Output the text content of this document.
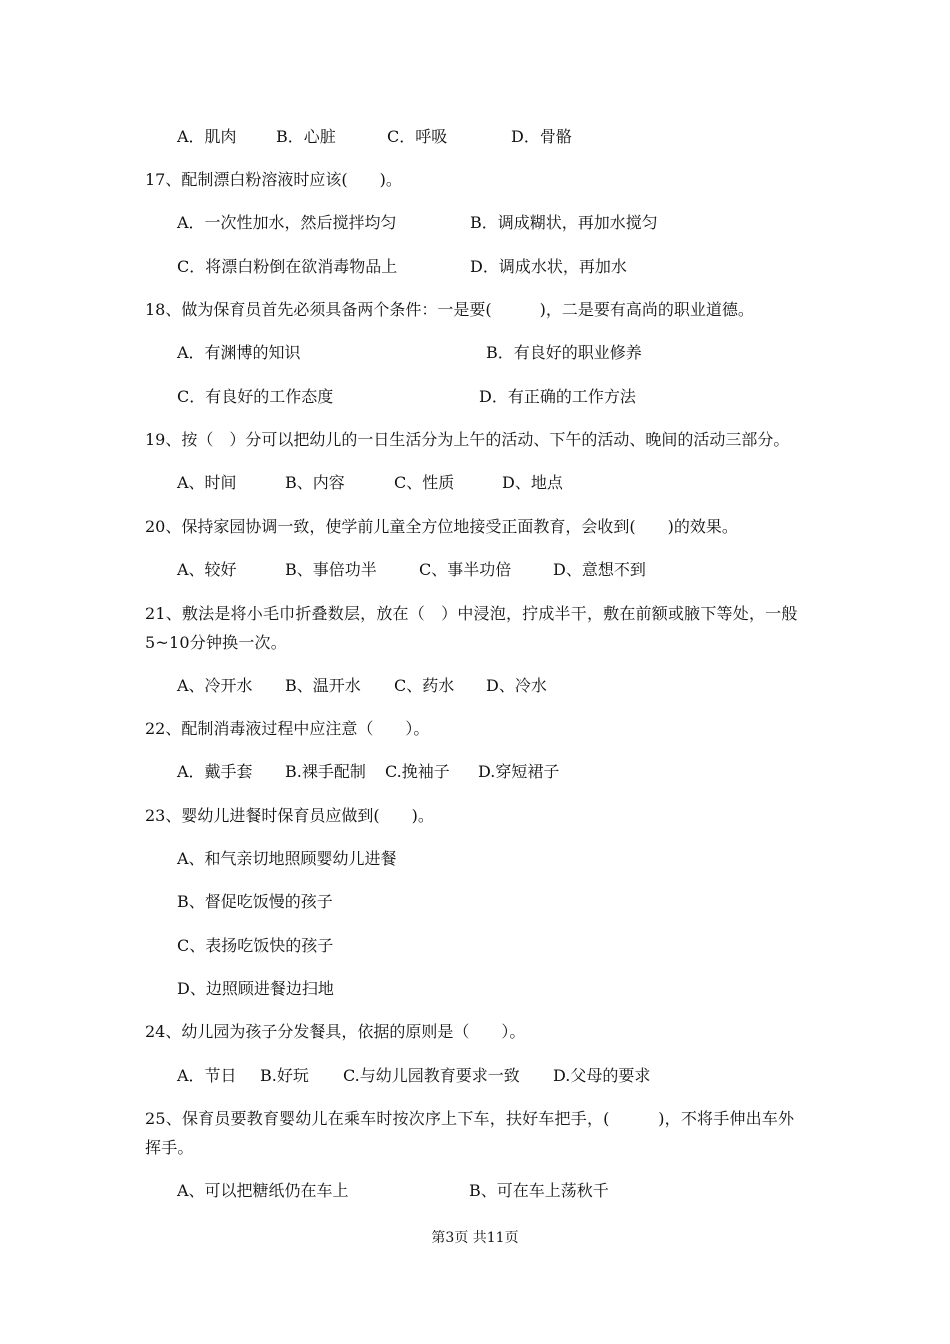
A．肌肉 B．心脏	C．呼吸	D．骨骼
17、配制漂白粉溶液时应该(　　)。
A．一次性加水，然后搅拌均匀	B．调成糊状，再加水搅匀
C．将漂白粉倒在欲消毒物品上	D．调成水状，再加水
18、做为保育员首先必须具备两个条件：一是要(　　　)，二是要有高尚的职业道德。
A．有渊博的知识	B．有良好的职业修养
C．有良好的工作态度	D．有正确的工作方法
19、按（　）分可以把幼儿的一日生活分为上午的活动、下午的活动、晚间的活动三部分。
A、时间	B、内容	C、性质	D、地点
20、保持家园协调一致，使学前儿童全方位地接受正面教育，会收到(　　)的效果。
A、较好	B、事倍功半	C、事半功倍	D、意想不到
21、敷法是将小毛巾折叠数层，放在（　）中浸泡，拧成半干，敷在前额或腋下等处，一般5~10分钟换一次。
A、冷开水 B、温开水 C、药水 D、冷水
22、配制消毒液过程中应注意（　　）。
A．戴手套 B.裸手配制 C.挽袖子 D.穿短裙子
23、婴幼儿进餐时保育员应做到(　　)。
A、和气亲切地照顾婴幼儿进餐
B、督促吃饭慢的孩子
C、表扬吃饭快的孩子
D、边照顾进餐边扫地
24、幼儿园为孩子分发餐具，依据的原则是（　　）。
A．节日 B.好玩 C.与幼儿园教育要求一致 D.父母的要求
25、保育员要教育婴幼儿在乘车时按次序上下车，扶好车把手，(　　　)，不将手伸出车外挥手。
A、可以把糖纸仍在车上	B、可在车上荡秋千
第3页 共11页
